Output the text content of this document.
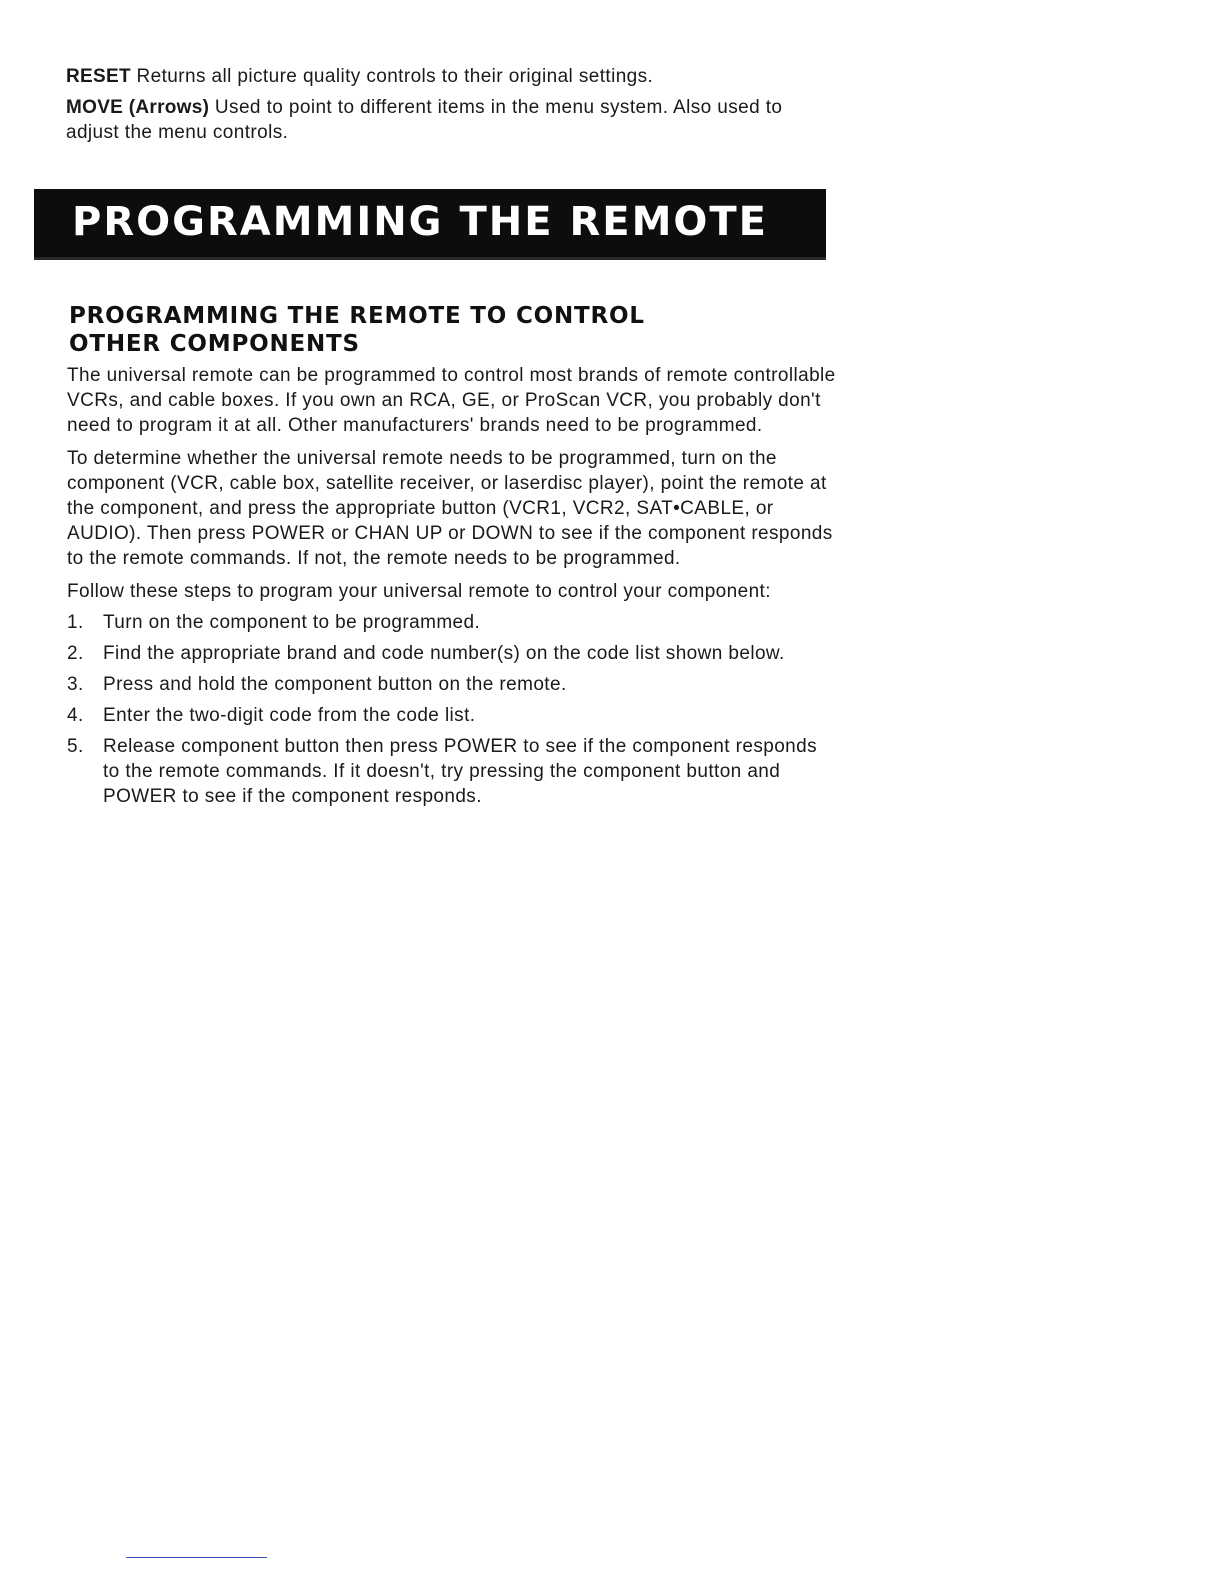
RESET Returns all picture quality controls to their original settings.

MOVE (Arrows) Used to point to different items in the menu system. Also used to adjust the menu controls.

PROGRAMMING THE REMOTE
PROGRAMMING THE REMOTE TO CONTROL
OTHER COMPONENTS

The universal remote can be programmed to control most brands of remote controllable VCRs, and cable boxes. If you own an RCA, GE, or ProScan VCR, you probably don't need to program it at all. Other manufacturers' brands need to be programmed.

To determine whether the universal remote needs to be programmed, turn on the component (VCR, cable box, satellite receiver, or laserdisc player), point the remote at the component, and press the appropriate button (VCR1, VCR2, SAT•CABLE, or AUDIO). Then press POWER or CHAN UP or DOWN to see if the component responds to the remote commands. If not, the remote needs to be programmed.

Follow these steps to program your universal remote to control your component:

1.	Turn on the component to be programmed.
2.	Find the appropriate brand and code number(s) on the code list shown below.
3.	Press and hold the component button on the remote.
4.	Enter the two-digit code from the code list.
5.	Release component button then press POWER to see if the component responds to the remote commands. If it doesn't, try pressing the component button and POWER to see if the component responds.
